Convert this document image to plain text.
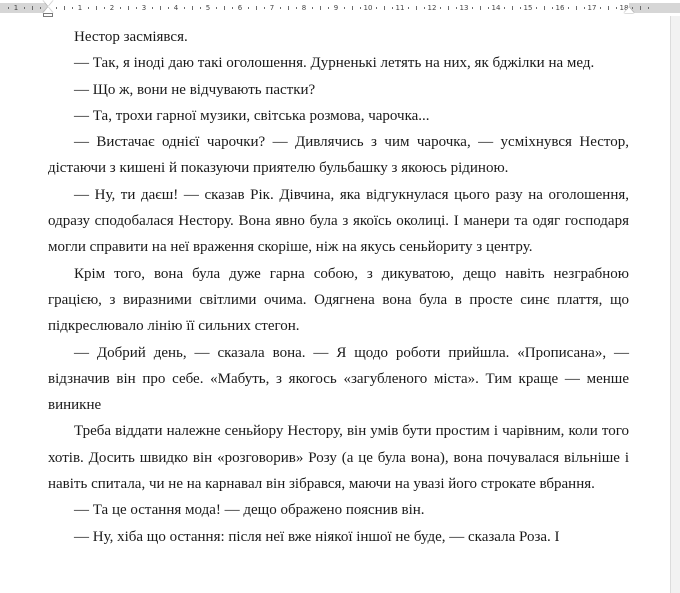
1	1	2	3	4	5	6	7	8	9	10	11	12	13	14	15	16	17	18

Нестор засміявся.

— Так, я іноді даю такі оголошення. Дурненькі летять на них, як бджілки на мед.

— Що ж, вони не відчувають пастки?

— Та, трохи гарної музики, світська розмова, чарочка...

— Вистачає однієї чарочки? — Дивлячись з чим чарочка, — усміхнувся Нестор, дістаючи з кишені й показуючи приятелю бульбашку з якоюсь рідиною.

— Ну, ти даєш! — сказав Рік. Дівчина, яка відгукнулася цього разу на оголошення, одразу сподобалася Нестору. Вона явно була з якоїсь околиці. І манери та одяг господаря могли справити на неї враження скоріше, ніж на якусь сеньйориту з центру.

Крім того, вона була дуже гарна собою, з дикуватою, дещо навіть незграбною грацією, з виразними світлими очима. Одягнена вона була в просте синє плаття, що підкреслювало лінію її сильних стегон.

— Добрий день, — сказала вона. — Я щодо роботи прийшла. «Прописана», — відзначив він про себе. «Мабуть, з якогось «загубленого міста». Тим краще — менше виникне

Треба віддати належне сеньйору Нестору, він умів бути простим і чарівним, коли того хотів. Досить швидко він «розговорив» Розу (а це була вона), вона почувалася вільніше і навіть спитала, чи не на карнавал він зібрався, маючи на увазі його строкате вбрання.

— Та це остання мода! — дещо ображено пояснив він.

— Ну, хіба що остання: після неї вже ніякої іншої не буде, — сказала Роза. І
